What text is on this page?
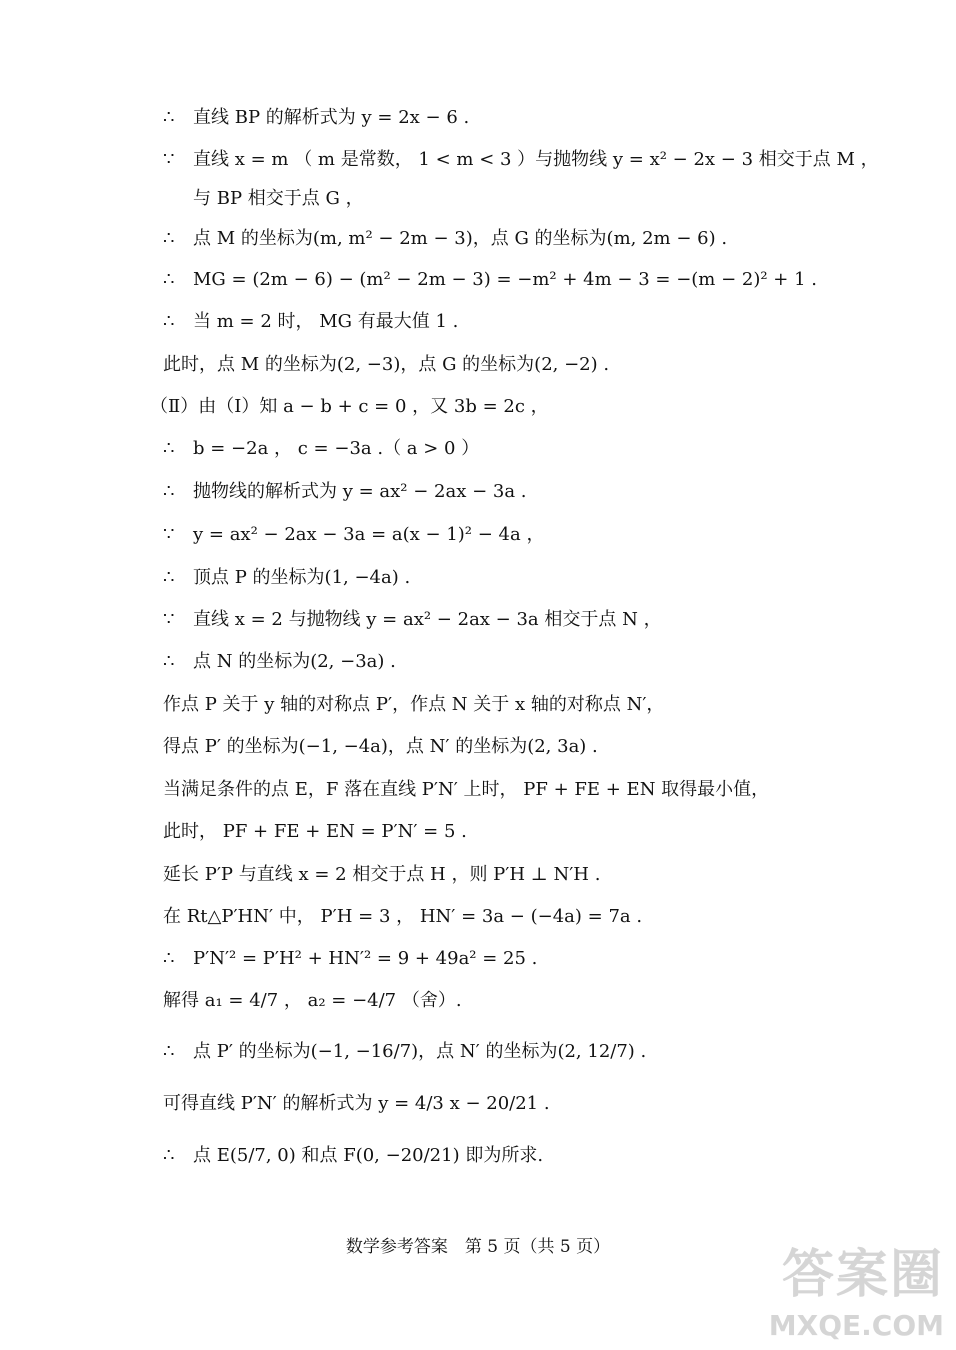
∴ 直线 BP 的解析式为 y = 2x − 6 .
∵ 直线 x = m （ m 是常数， 1 < m < 3 ）与抛物线 y = x² − 2x − 3 相交于点 M ，
与 BP 相交于点 G ，
∴ 点 M 的坐标为(m, m² − 2m − 3)，点 G 的坐标为(m, 2m − 6) .
∴ MG = (2m − 6) − (m² − 2m − 3) = −m² + 4m − 3 = −(m − 2)² + 1 .
∴ 当 m = 2 时， MG 有最大值 1 .
此时，点 M 的坐标为(2, −3)，点 G 的坐标为(2, −2) .
（Ⅱ）由（Ⅰ）知 a − b + c = 0 ，又 3b = 2c ，
∴ b = −2a ， c = −3a .（ a > 0 ）
∴ 抛物线的解析式为 y = ax² − 2ax − 3a .
∵ y = ax² − 2ax − 3a = a(x − 1)² − 4a ，
∴ 顶点 P 的坐标为(1, −4a) .
∵ 直线 x = 2 与抛物线 y = ax² − 2ax − 3a 相交于点 N ，
∴ 点 N 的坐标为(2, −3a) .
作点 P 关于 y 轴的对称点 P′，作点 N 关于 x 轴的对称点 N′，
得点 P′ 的坐标为(−1, −4a)，点 N′ 的坐标为(2, 3a) .
当满足条件的点 E，F 落在直线 P′N′ 上时， PF + FE + EN 取得最小值，
此时， PF + FE + EN = P′N′ = 5 .
延长 P′P 与直线 x = 2 相交于点 H ，则 P′H ⊥ N′H .
在 Rt△P′HN′ 中， P′H = 3 ， HN′ = 3a − (−4a) = 7a .
∴ P′N′² = P′H² + HN′² = 9 + 49a² = 25 .
解得 a₁ = 4/7 ， a₂ = −4/7 （舍）.
∴ 点 P′ 的坐标为(−1, −16/7)，点 N′ 的坐标为(2, 12/7) .
可得直线 P′N′ 的解析式为 y = 4/3 x − 20/21 .
∴ 点 E(5/7, 0) 和点 F(0, −20/21) 即为所求.
数学参考答案　第 5 页（共 5 页）	答案圈
MXQE.COM
